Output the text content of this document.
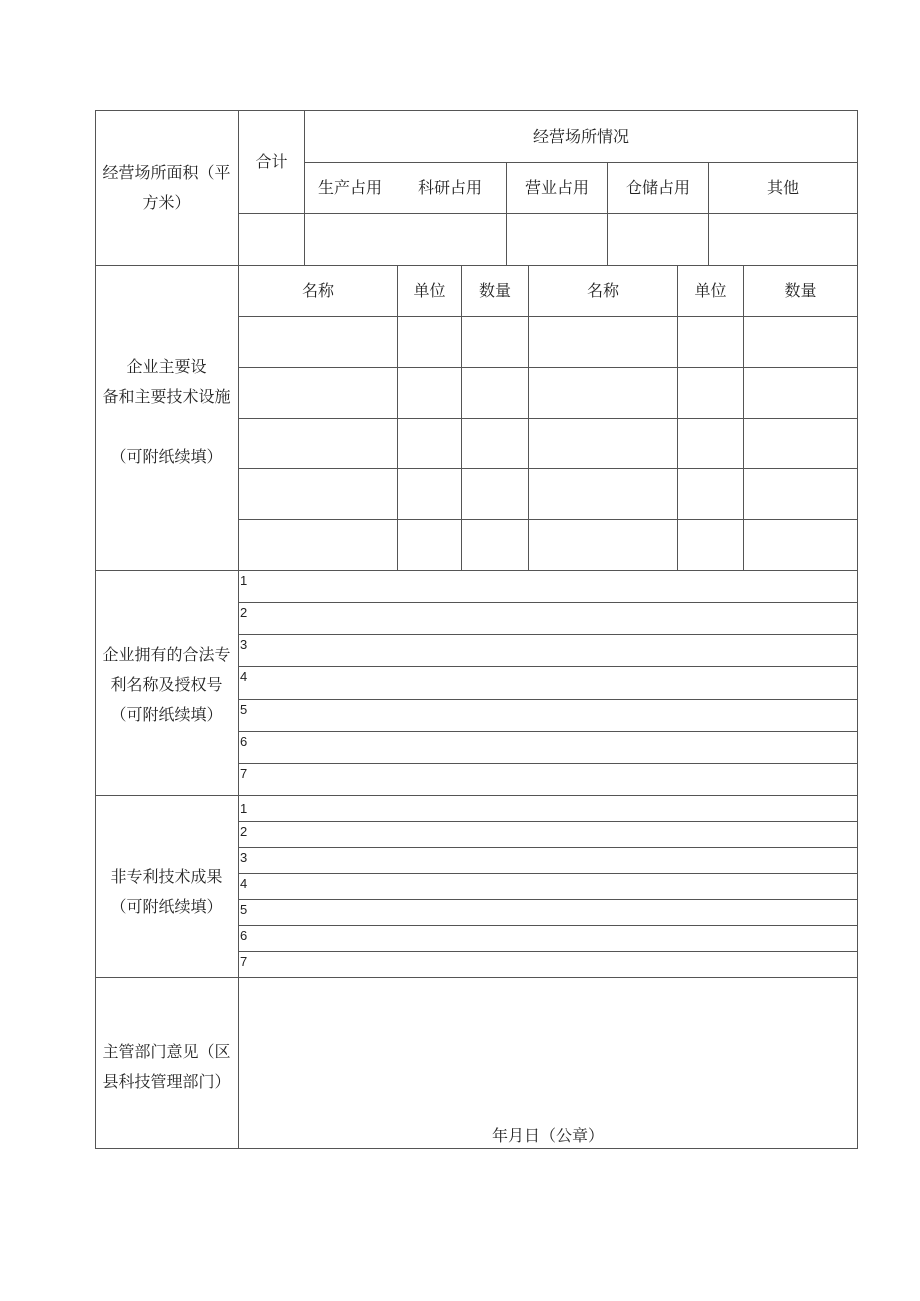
经营场所面积（平
方米）
合计
经营场所情况
生产占用 科研占用	营业占用	仓储占用	其他
企业主要设
备和主要技术设施
（可附纸续填）
名称	单位	数量	名称	单位	数量
企业拥有的合法专
利名称及授权号
（可附纸续填）
1
2
3
4
5
6
7
非专利技术成果
（可附纸续填）
1
2
3
4
5
6
7
主管部门意见（区
县科技管理部门）
年月日（公章）
